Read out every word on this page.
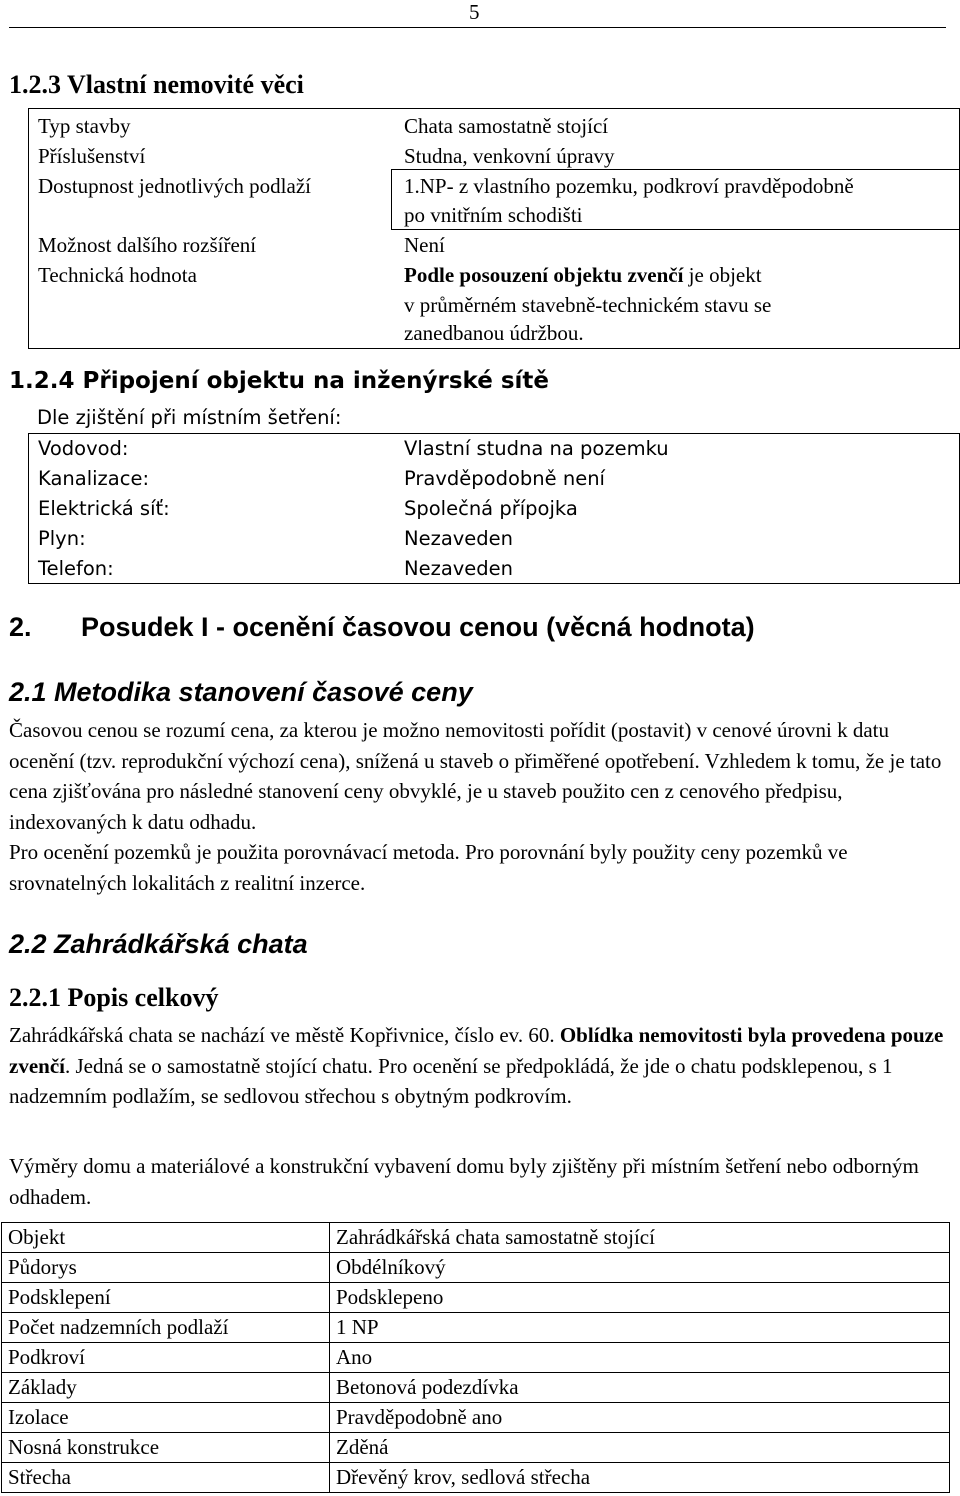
5
1.2.3 Vlastní nemovité věci
Typ stavby	Chata samostatně stojící
Příslušenství	Studna, venkovní úpravy
Dostupnost jednotlivých podlaží	1.NP- z vlastního pozemku, podkroví pravděpodobně
po vnitřním schodišti
Možnost dalšího rozšíření	Není
Technická hodnota	Podle posouzení objektu zvenčí je objekt
v průměrném stavebně-technickém stavu se
zanedbanou údržbou.
1.2.4 Připojení objektu na inženýrské sítě
Dle zjištění při místním šetření:
Vodovod:	Vlastní studna na pozemku
Kanalizace:	Pravděpodobně není
Elektrická síť:	Společná přípojka
Plyn:	Nezaveden
Telefon:	Nezaveden
2. Posudek I - ocenění časovou cenou (věcná hodnota)
2.1 Metodika stanovení časové ceny

Časovou cenou se rozumí cena, za kterou je možno nemovitosti pořídit (postavit) v cenové úrovni k datu ocenění (tzv. reprodukční výchozí cena), snížená u staveb o přiměřené opotřebení. Vzhledem k tomu, že je tato cena zjišťována pro následné stanovení ceny obvyklé, je u staveb použito cen z cenového předpisu, indexovaných k datu odhadu.

Pro ocenění pozemků je použita porovnávací metoda. Pro porovnání byly použity ceny pozemků ve srovnatelných lokalitách z realitní inzerce.

2.2 Zahrádkářská chata
2.2.1 Popis celkový

Zahrádkářská chata se nachází ve městě Kopřivnice, číslo ev. 60. Oblídka nemovitosti byla provedena pouze zvenčí. Jedná se o samostatně stojící chatu. Pro ocenění se předpokládá, že jde o chatu podsklepenou, s 1 nadzemním podlažím, se sedlovou střechou s obytným podkrovím.

Výměry domu a materiálové a konstrukční vybavení domu byly zjištěny při místním šetření nebo odborným odhadem.

Objekt	Zahrádkářská chata samostatně stojící
Půdorys	Obdélníkový
Podsklepení	Podsklepeno
Počet nadzemních podlaží	1 NP
Podkroví	Ano
Základy	Betonová podezdívka
Izolace	Pravděpodobně ano
Nosná konstrukce	Zděná
Střecha	Dřevěný krov, sedlová střecha
